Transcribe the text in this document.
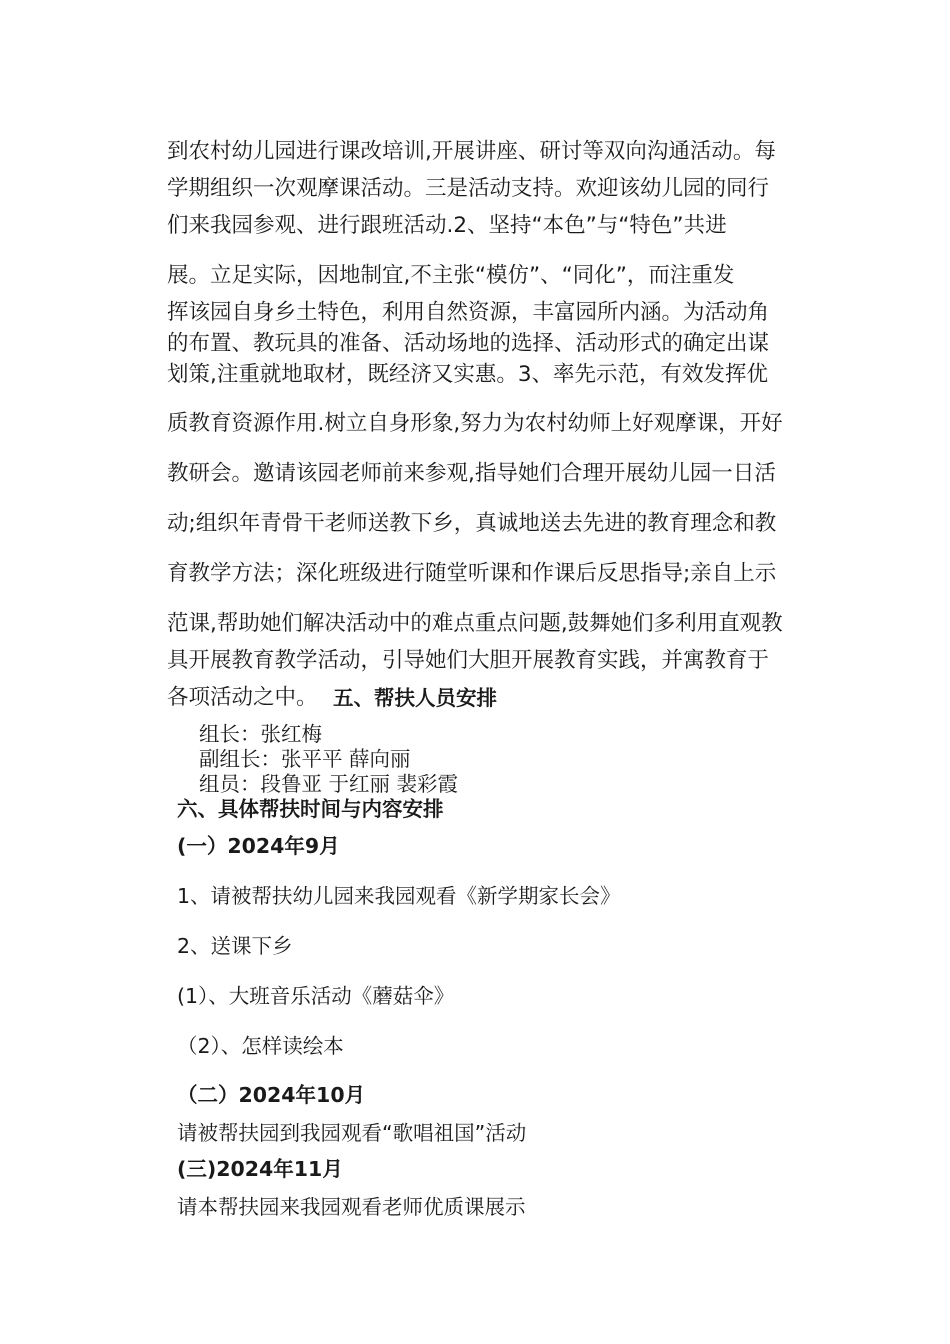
到农村幼儿园进行课改培训,开展讲座、研讨等双向沟通活动。每
学期组织一次观摩课活动。三是活动支持。欢迎该幼儿园的同行
们来我园参观、进行跟班活动.2、坚持“本色”与“特色”共进
展。立足实际，因地制宜,不主张“模仿”、“同化”，而注重发
挥该园自身乡土特色，利用自然资源，丰富园所内涵。为活动角
的布置、教玩具的准备、活动场地的选择、活动形式的确定出谋
划策,注重就地取材，既经济又实惠。3、率先示范，有效发挥优
质教育资源作用.树立自身形象,努力为农村幼师上好观摩课，开好
教研会。邀请该园老师前来参观,指导她们合理开展幼儿园一日活
动;组织年青骨干老师送教下乡，真诚地送去先进的教育理念和教
育教学方法；深化班级进行随堂听课和作课后反思指导;亲自上示
范课,帮助她们解决活动中的难点重点问题,鼓舞她们多利用直观教
具开展教育教学活动，引导她们大胆开展教育实践，并寓教育于
各项活动之中。 五、帮扶人员安排
组长：张红梅
副组长：张平平 薛向丽
组员：段鲁亚 于红丽 裴彩霞
六、具体帮扶时间与内容安排
(一）2024年9月
1、请被帮扶幼儿园来我园观看《新学期家长会》
2、送课下乡
(1）、大班音乐活动《蘑菇伞》
（2）、怎样读绘本
（二）2024年10月
请被帮扶园到我园观看“歌唱祖国”活动
(三)2024年11月
请本帮扶园来我园观看老师优质课展示
